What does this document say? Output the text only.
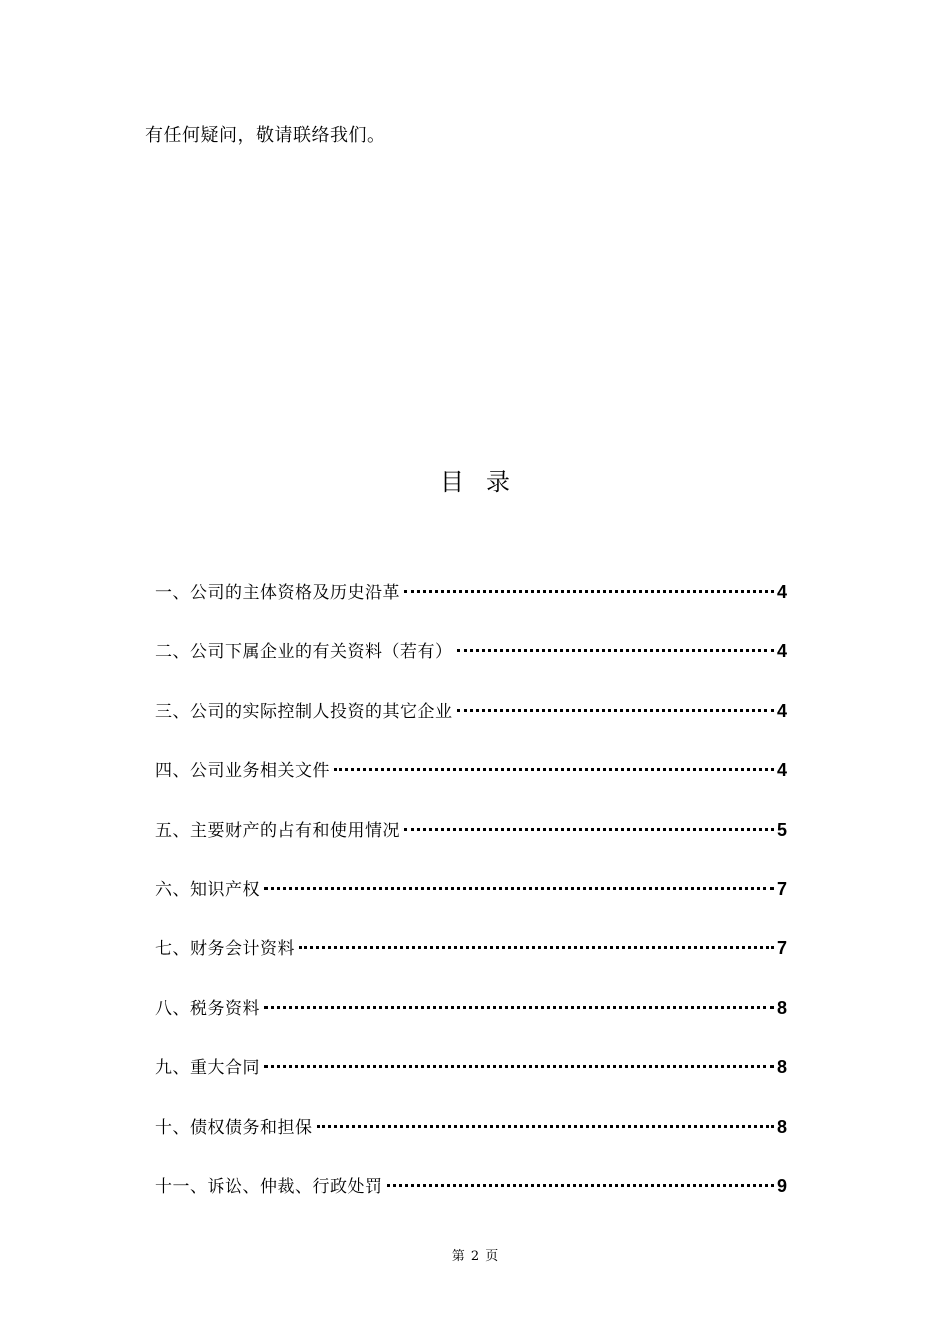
有任何疑问，敬请联络我们。

目录
一、公司的主体资格及历史沿革	4
二、公司下属企业的有关资料（若有）	4
三、公司的实际控制人投资的其它企业	4
四、公司业务相关文件	4
五、主要财产的占有和使用情况	5
六、知识产权	7
七、财务会计资料	7
八、税务资料	8
九、重大合同	8
十、债权债务和担保	8
十一、诉讼、仲裁、行政处罚	9
第 2 页
